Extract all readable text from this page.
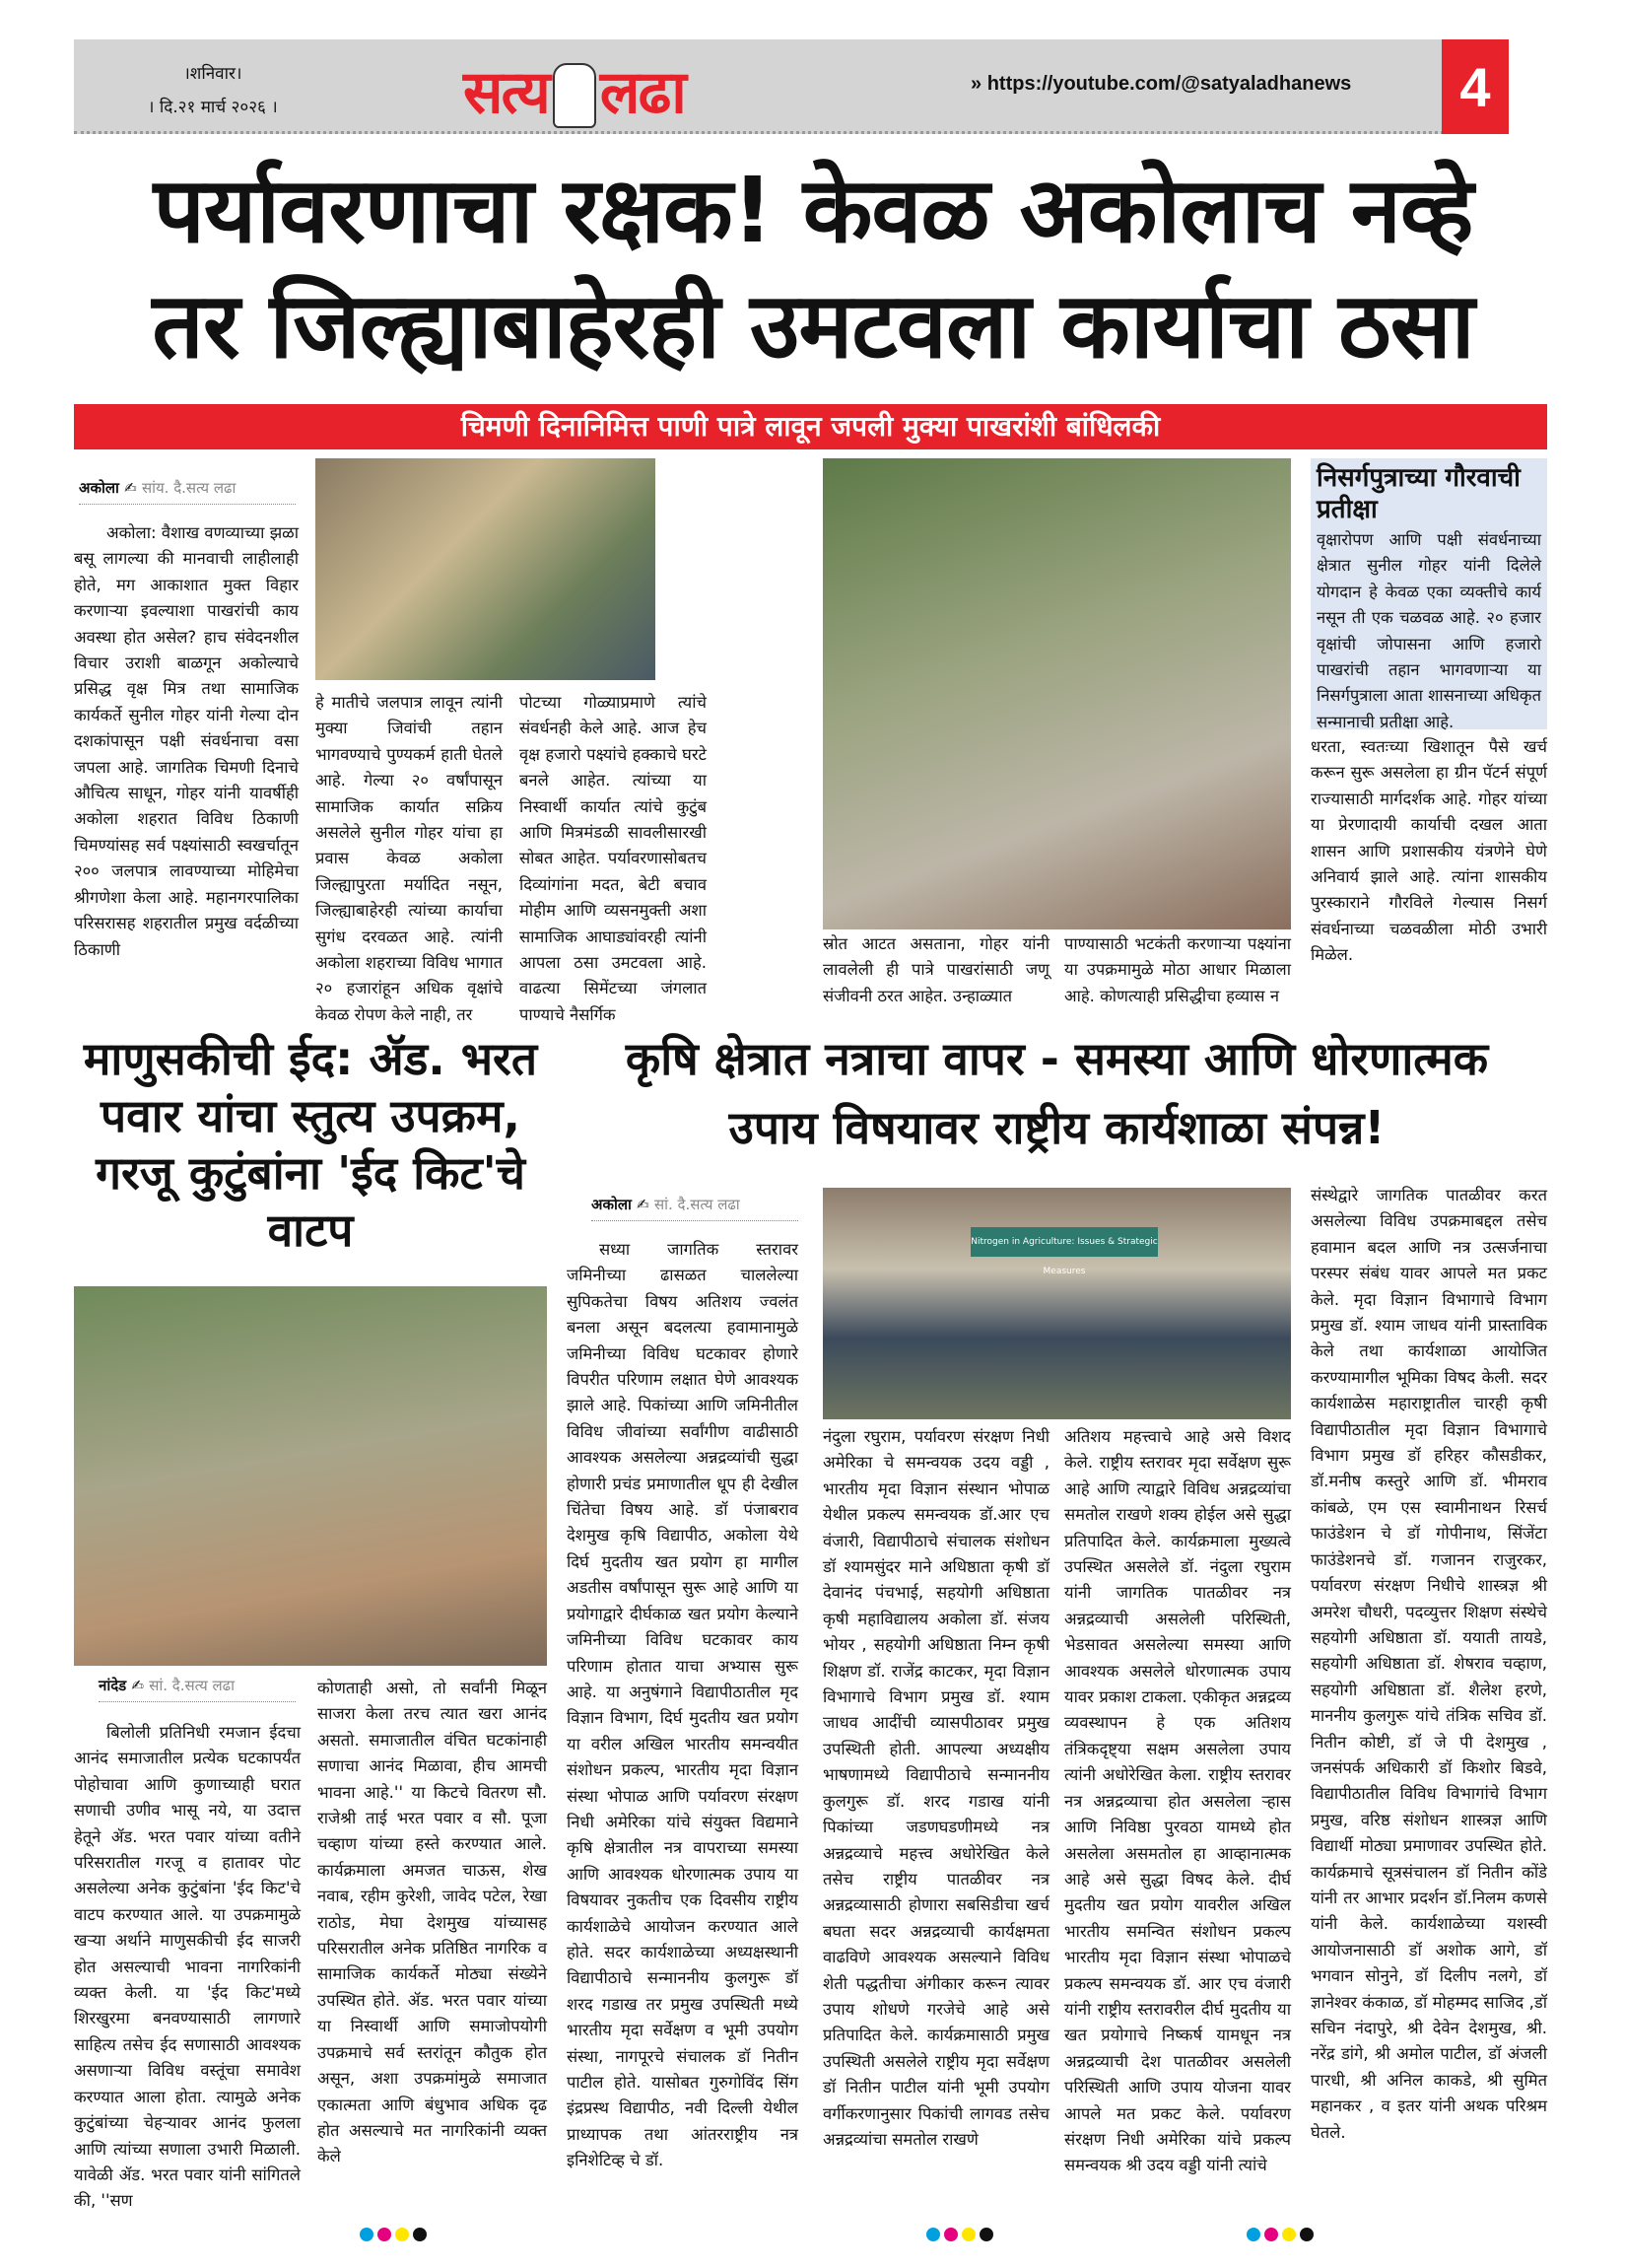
।शनिवार।
। दि.२१ मार्च २०२६ ।	सत्य लढा	» https://youtube.com/@satyaladhanews	4
पर्यावरणाचा रक्षक! केवळ अकोलाच नव्हे
तर जिल्ह्याबाहेरही उमटवला कार्याचा ठसा
चिमणी दिनानिमित्त पाणी पात्रे लावून जपली मुक्या पाखरांशी बांधिलकी
अकोला ✍ सांय. दै.सत्य लढा
अकोला: वैशाख वणव्याच्या झळा बसू लागल्या की मानवाची लाहीलाही होते, मग आकाशात मुक्त विहार करणाऱ्या इवल्याशा पाखरांची काय अवस्था होत असेल? हाच संवेदनशील विचार उराशी बाळगून अकोल्याचे प्रसिद्ध वृक्ष मित्र तथा सामाजिक कार्यकर्ते सुनील गोहर यांनी गेल्या दोन दशकांपासून पक्षी संवर्धनाचा वसा जपला आहे. जागतिक चिमणी दिनाचे औचित्य साधून, गोहर यांनी यावर्षीही अकोला शहरात विविध ठिकाणी चिमण्यांसह सर्व पक्ष्यांसाठी स्वखर्चातून २०० जलपात्र लावण्याच्या मोहिमेचा श्रीगणेशा केला आहे. महानगरपालिका परिसरासह शहरातील प्रमुख वर्दळीच्या ठिकाणी
हे मातीचे जलपात्र लावून त्यांनी मुक्या जिवांची तहान भागवण्याचे पुण्यकर्म हाती घेतले आहे. गेल्या २० वर्षांपासून सामाजिक कार्यात सक्रिय असलेले सुनील गोहर यांचा हा प्रवास केवळ अकोला जिल्ह्यापुरता मर्यादित नसून, जिल्ह्याबाहेरही त्यांच्या कार्याचा सुगंध दरवळत आहे. त्यांनी अकोला शहराच्या विविध भागात २० हजारांहून अधिक वृक्षांचे केवळ रोपण केले नाही, तर
पोटच्या गोळ्याप्रमाणे त्यांचे संवर्धनही केले आहे. आज हेच वृक्ष हजारो पक्ष्यांचे हक्काचे घरटे बनले आहेत. त्यांच्या या निस्वार्थी कार्यात त्यांचे कुटुंब आणि मित्रमंडळी सावलीसारखी सोबत आहेत. पर्यावरणासोबतच दिव्यांगांना मदत, बेटी बचाव मोहीम आणि व्यसनमुक्ती अशा सामाजिक आघाड्यांवरही त्यांनी आपला ठसा उमटवला आहे. वाढत्या सिमेंटच्या जंगलात पाण्याचे नैसर्गिक
स्रोत आटत असताना, गोहर यांनी लावलेली ही पात्रे पाखरांसाठी जणू संजीवनी ठरत आहेत. उन्हाळ्यात
पाण्यासाठी भटकंती करणाऱ्या पक्ष्यांना या उपक्रमामुळे मोठा आधार मिळाला आहे. कोणत्याही प्रसिद्धीचा हव्यास न
निसर्गपुत्राच्या गौरवाची प्रतीक्षा
वृक्षारोपण आणि पक्षी संवर्धनाच्या क्षेत्रात सुनील गोहर यांनी दिलेले योगदान हे केवळ एका व्यक्तीचे कार्य नसून ती एक चळवळ आहे. २० हजार वृक्षांची जोपासना आणि हजारो पाखरांची तहान भागवणाऱ्या या निसर्गपुत्राला आता शासनाच्या अधिकृत सन्मानाची प्रतीक्षा आहे.
धरता, स्वतःच्या खिशातून पैसे खर्च करून सुरू असलेला हा ग्रीन पॅटर्न संपूर्ण राज्यासाठी मार्गदर्शक आहे. गोहर यांच्या या प्रेरणादायी कार्याची दखल आता शासन आणि प्रशासकीय यंत्रणेने घेणे अनिवार्य झाले आहे. त्यांना शासकीय पुरस्काराने गौरविले गेल्यास निसर्ग संवर्धनाच्या चळवळीला मोठी उभारी मिळेल.
माणुसकीची ईद: ॲड. भरत पवार यांचा स्तुत्य उपक्रम, गरजू कुटुंबांना 'ईद किट'चे वाटप
नांदेड ✍ सां. दै.सत्य लढा
बिलोली प्रतिनिधी रमजान ईदचा आनंद समाजातील प्रत्येक घटकापर्यंत पोहोचावा आणि कुणाच्याही घरात सणाची उणीव भासू नये, या उदात्त हेतूने ॲड. भरत पवार यांच्या वतीने परिसरातील गरजू व हातावर पोट असलेल्या अनेक कुटुंबांना 'ईद किट'चे वाटप करण्यात आले. या उपक्रमामुळे खऱ्या अर्थाने माणुसकीची ईद साजरी होत असल्याची भावना नागरिकांनी व्यक्त केली. या 'ईद किट'मध्ये शिरखुरमा बनवण्यासाठी लागणारे साहित्य तसेच ईद सणासाठी आवश्यक असणाऱ्या विविध वस्तूंचा समावेश करण्यात आला होता. त्यामुळे अनेक कुटुंबांच्या चेहऱ्यावर आनंद फुलला आणि त्यांच्या सणाला उभारी मिळाली. यावेळी ॲड. भरत पवार यांनी सांगितले की, ''सण
कोणताही असो, तो सर्वांनी मिळून साजरा केला तरच त्यात खरा आनंद असतो. समाजातील वंचित घटकांनाही सणाचा आनंद मिळावा, हीच आमची भावना आहे.'' या किटचे वितरण सौ. राजेश्री ताई भरत पवार व सौ. पूजा चव्हाण यांच्या हस्ते करण्यात आले. कार्यक्रमाला अमजत चाऊस, शेख नवाब, रहीम कुरेशी, जावेद पटेल, रेखा राठोड, मेघा देशमुख यांच्यासह परिसरातील अनेक प्रतिष्ठित नागरिक व सामाजिक कार्यकर्ते मोठ्या संख्येने उपस्थित होते. ॲड. भरत पवार यांच्या या निस्वार्थी आणि समाजोपयोगी उपक्रमाचे सर्व स्तरांतून कौतुक होत असून, अशा उपक्रमांमुळे समाजात एकात्मता आणि बंधुभाव अधिक दृढ होत असल्याचे मत नागरिकांनी व्यक्त केले
कृषि क्षेत्रात नत्राचा वापर - समस्या आणि धोरणात्मक
उपाय विषयावर राष्ट्रीय कार्यशाळा संपन्न!
अकोला ✍ सां. दै.सत्य लढा
सध्या जागतिक स्तरावर जमिनीच्या ढासळत चाललेल्या सुपिकतेचा विषय अतिशय ज्वलंत बनला असून बदलत्या हवामानामुळे जमिनीच्या विविध घटकावर होणारे विपरीत परिणाम लक्षात घेणे आवश्यक झाले आहे. पिकांच्या आणि जमिनीतील विविध जीवांच्या सर्वांगीण वाढीसाठी आवश्यक असलेल्या अन्नद्रव्यांची सुद्धा होणारी प्रचंड प्रमाणातील धूप ही देखील चिंतेचा विषय आहे. डॉ पंजाबराव देशमुख कृषि विद्यापीठ, अकोला येथे दिर्घ मुदतीय खत प्रयोग हा मागील अडतीस वर्षांपासून सुरू आहे आणि या प्रयोगाद्वारे दीर्घकाळ खत प्रयोग केल्याने जमिनीच्या विविध घटकावर काय परिणाम होतात याचा अभ्यास सुरू आहे. या अनुषंगाने विद्यापीठातील मृद विज्ञान विभाग, दिर्घ मुदतीय खत प्रयोग या वरील अखिल भारतीय समन्वयीत संशोधन प्रकल्प, भारतीय मृदा विज्ञान संस्था भोपाळ आणि पर्यावरण संरक्षण निधी अमेरिका यांचे संयुक्त विद्यमाने कृषि क्षेत्रातील नत्र वापराच्या समस्या आणि आवश्यक धोरणात्मक उपाय या विषयावर नुकतीच एक दिवसीय राष्ट्रीय कार्यशाळेचे आयोजन करण्यात आले होते. सदर कार्यशाळेच्या अध्यक्षस्थानी विद्यापीठाचे सन्माननीय कुलगुरू डॉ शरद गडाख तर प्रमुख उपस्थिती मध्ये भारतीय मृदा सर्वेक्षण व भूमी उपयोग संस्था, नागपूरचे संचालक डॉ नितीन पाटील होते. यासोबत गुरुगोविंद सिंग इंद्रप्रस्थ विद्यापीठ, नवी दिल्ली येथील प्राध्यापक तथा आंतरराष्ट्रीय नत्र इनिशेटिव्ह चे डॉ.
Nitrogen in Agriculture: Issues & Strategic Measures
नंदुला रघुराम, पर्यावरण संरक्षण निधी अमेरिका चे समन्वयक उदय वड्डी , भारतीय मृदा विज्ञान संस्थान भोपाळ येथील प्रकल्प समन्वयक डॉ.आर एच वंजारी, विद्यापीठाचे संचालक संशोधन डॉ श्यामसुंदर माने अधिष्ठाता कृषी डॉ देवानंद पंचभाई, सहयोगी अधिष्ठाता कृषी महाविद्यालय अकोला डॉ. संजय भोयर , सहयोगी अधिष्ठाता निम्न कृषी शिक्षण डॉ. राजेंद्र काटकर, मृदा विज्ञान विभागाचे विभाग प्रमुख डॉ. श्याम जाधव आदींची व्यासपीठावर प्रमुख उपस्थिती होती. आपल्या अध्यक्षीय भाषणामध्ये विद्यापीठाचे सन्माननीय कुलगुरू डॉ. शरद गडाख यांनी पिकांच्या जडणघडणीमध्ये नत्र अन्नद्रव्याचे महत्त्व अधोरेखित केले तसेच राष्ट्रीय पातळीवर नत्र अन्नद्रव्यासाठी होणारा सबसिडीचा खर्च बघता सदर अन्नद्रव्याची कार्यक्षमता वाढविणे आवश्यक असल्याने विविध शेती पद्धतीचा अंगीकार करून त्यावर उपाय शोधणे गरजेचे आहे असे प्रतिपादित केले. कार्यक्रमासाठी प्रमुख उपस्थिती असलेले राष्ट्रीय मृदा सर्वेक्षण डॉ नितीन पाटील यांनी भूमी उपयोग वर्गीकरणानुसार पिकांची लागवड तसेच अन्नद्रव्यांचा समतोल राखणे
अतिशय महत्त्वाचे आहे असे विशद केले. राष्ट्रीय स्तरावर मृदा सर्वेक्षण सुरू आहे आणि त्याद्वारे विविध अन्नद्रव्यांचा समतोल राखणे शक्य होईल असे सुद्धा प्रतिपादित केले. कार्यक्रमाला मुख्यत्वे उपस्थित असलेले डॉ. नंदुला रघुराम यांनी जागतिक पातळीवर नत्र अन्नद्रव्याची असलेली परिस्थिती, भेडसावत असलेल्या समस्या आणि आवश्यक असलेले धोरणात्मक उपाय यावर प्रकाश टाकला. एकीकृत अन्नद्रव्य व्यवस्थापन हे एक अतिशय तंत्रिकदृष्ट्या सक्षम असलेला उपाय त्यांनी अधोरेखित केला. राष्ट्रीय स्तरावर नत्र अन्नद्रव्याचा होत असलेला ऱ्हास आणि निविष्ठा पुरवठा यामध्ये होत असलेला असमतोल हा आव्हानात्मक आहे असे सुद्धा विषद केले. दीर्घ मुदतीय खत प्रयोग यावरील अखिल भारतीय समन्वित संशोधन प्रकल्प भारतीय मृदा विज्ञान संस्था भोपाळचे प्रकल्प समन्वयक डॉ. आर एच वंजारी यांनी राष्ट्रीय स्तरावरील दीर्घ मुदतीय या खत प्रयोगाचे निष्कर्ष यामधून नत्र अन्नद्रव्याची देश पातळीवर असलेली परिस्थिती आणि उपाय योजना यावर आपले मत प्रकट केले. पर्यावरण संरक्षण निधी अमेरिका यांचे प्रकल्प समन्वयक श्री उदय वड्डी यांनी त्यांचे
संस्थेद्वारे जागतिक पातळीवर करत असलेल्या विविध उपक्रमाबद्दल तसेच हवामान बदल आणि नत्र उत्सर्जनाचा परस्पर संबंध यावर आपले मत प्रकट केले. मृदा विज्ञान विभागाचे विभाग प्रमुख डॉ. श्याम जाधव यांनी प्रास्ताविक केले तथा कार्यशाळा आयोजित करण्यामागील भूमिका विषद केली. सदर कार्यशाळेस महाराष्ट्रातील चारही कृषी विद्यापीठातील मृदा विज्ञान विभागाचे विभाग प्रमुख डॉ हरिहर कौसडीकर, डॉ.मनीष कस्तुरे आणि डॉ. भीमराव कांबळे, एम एस स्वामीनाथन रिसर्च फाउंडेशन चे डॉ गोपीनाथ, सिंजेंटा फाउंडेशनचे डॉ. गजानन राजुरकर, पर्यावरण संरक्षण निधीचे शास्त्रज्ञ श्री अमरेश चौधरी, पदव्युत्तर शिक्षण संस्थेचे सहयोगी अधिष्ठाता डॉ. ययाती तायडे, सहयोगी अधिष्ठाता डॉ. शेषराव चव्हाण, सहयोगी अधिष्ठाता डॉ. शैलेश हरणे, माननीय कुलगुरू यांचे तंत्रिक सचिव डॉ. नितीन कोष्टी, डॉ जे पी देशमुख , जनसंपर्क अधिकारी डॉ किशोर बिडवे, विद्यापीठातील विविध विभागांचे विभाग प्रमुख, वरिष्ठ संशोधन शास्त्रज्ञ आणि विद्यार्थी मोठ्या प्रमाणावर उपस्थित होते. कार्यक्रमाचे सूत्रसंचालन डॉ नितीन कोंडे यांनी तर आभार प्रदर्शन डॉ.निलम कणसे यांनी केले. कार्यशाळेच्या यशस्वी आयोजनासाठी डॉ अशोक आगे, डॉ भगवान सोनुने, डॉ दिलीप नलगे, डॉ ज्ञानेश्वर कंकाळ, डॉ मोहम्मद साजिद ,डॉ सचिन नंदापुरे, श्री देवेन देशमुख, श्री. नरेंद्र डांगे, श्री अमोल पाटील, डॉ अंजली पारधी, श्री अनिल काकडे, श्री सुमित महानकर , व इतर यांनी अथक परिश्रम घेतले.
